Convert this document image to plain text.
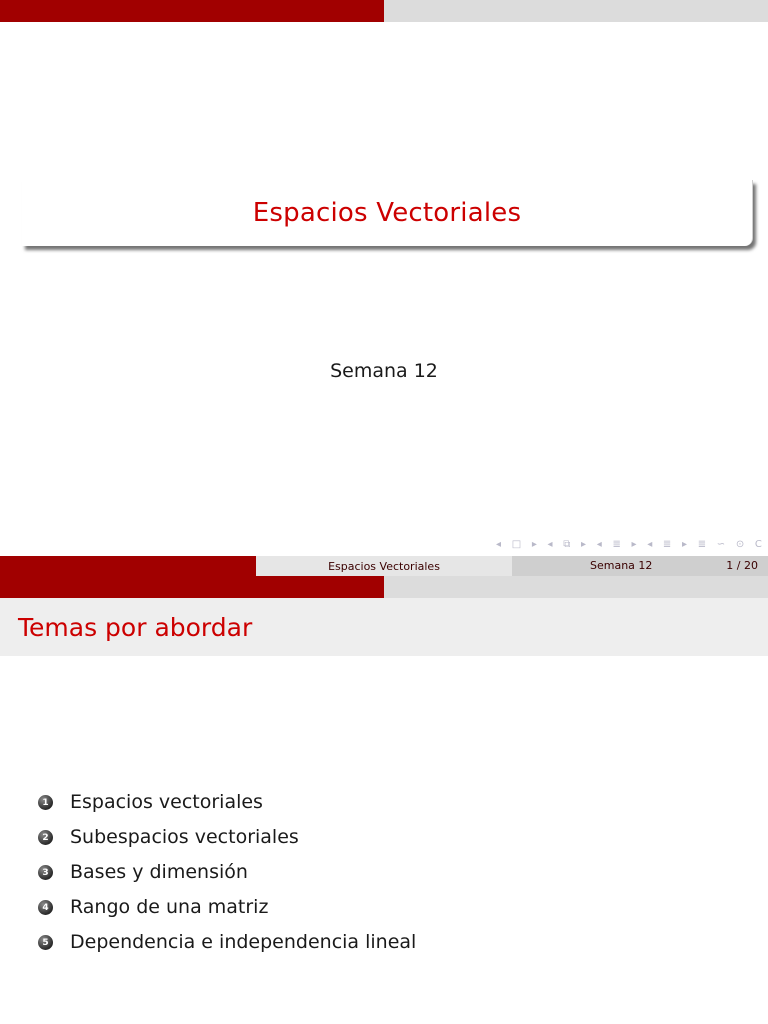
Espacios Vectoriales
Semana 12
◂ □ ▸ ◂ ⧉ ▸ ◂ ≣ ▸ ◂ ≣ ▸ ≣ ∽ ⊙ Ϲ
Espacios Vectoriales	Semana 12	1 / 20
Temas por abordar
1 Espacios vectoriales
2 Subespacios vectoriales
3 Bases y dimensión
4 Rango de una matriz
5 Dependencia e independencia lineal
